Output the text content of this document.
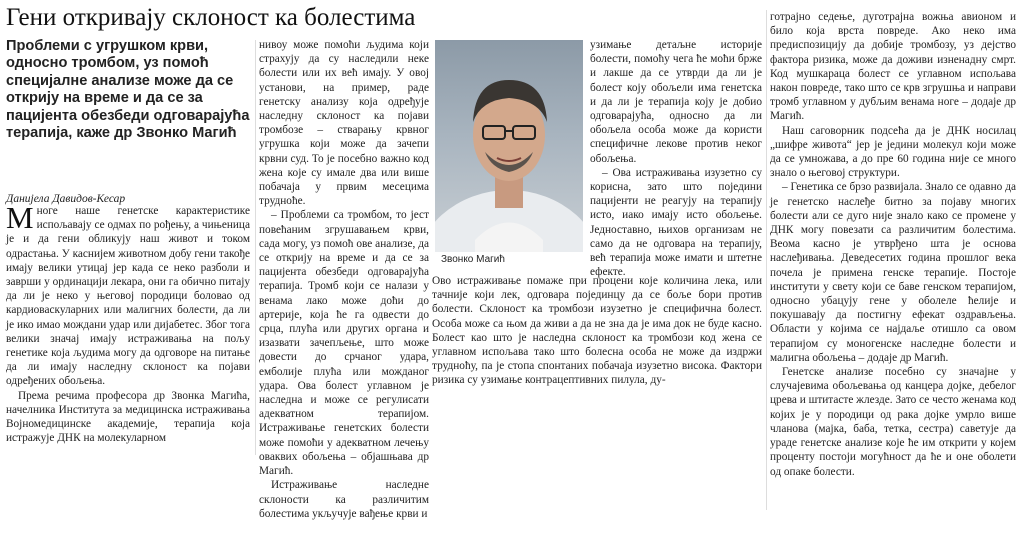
Гени откривају склоност ка болестима
Проблеми с угрушком крви, односно тромбом, уз помоћ специјалне анализе може да се открију на време и да се за пацијента обезбеди одговарајућа терапија, каже др Звонко Магић
Данијела Давидов-Кесар

Многе наше генетске карактеристике испољавају се одмах по рођењу, а чињеница је и да гени обликују наш живот и током одрастања. У каснијем животном добу гени такође имају велики утицај јер када се неко разболи и заврши у ординацији лекара, они га обично питају да ли је неко у његовој породици боловао од кардиоваскуларних или малигних болести, да ли је ико имао мождани удар или дијабетес. Због тога велики значај имају истраживања на пољу генетике која људима могу да одговоре на питање да ли имају наследну склоност ка појави одређених обољења.

Према речима професора др Звонка Магића, начелника Института за медицинска истраживања Војномедицинске академије, терапија која истражује ДНК на молекуларном

нивоу може помоћи људима који страхују да су наследили неке болести или их већ имају. У овој установи, на пример, раде генетску анализу која одређује наследну склоност ка појави тромбозе – стварању крвног угрушка који може да зачепи крвни суд. То је посебно важно код жена које су имале два или више побачаја у првим месецима трудноће.

– Проблеми са тромбом, то јест повећаним згрушавањем крви, сада могу, уз помоћ ове анализе, да се открију на време и да се за пацијента обезбеди одговарајућа терапија. Тромб који се налази у венама лако може доћи до артерије, која ће га одвести до срца, плућа или других органа и изазвати зачепљење, што може довести до срчаног удара, емболије плућа или можданог удара. Ова болест углавном је наследна и може се регулисати адекватном терапијом. Истраживање генетских болести може помоћи у адекватном лечењу оваквих обољења – објашњава др Магић.

Истраживање наследне склоности ка различитим болестима укључује вађење крви и

Звонко Магић

узимање детаљне историје болести, помоћу чега ће моћи брже и лакше да се утврди да ли је болест коју обољели има генетска и да ли је терапија коју је добио одговарајућа, односно да ли обољела особа може да користи специфичне лекове против неког обољења.

– Ова истраживања изузетно су корисна, зато што поједини пацијенти не реагују на терапију исто, иако имају исто обољење. Једноставно, њихов организам не само да не одговара на терапију, већ терапија може имати и штетне ефекте.

Ово истраживање помаже при процени које количина лека, или тачније који лек, одговара појединцу да се боље бори против болести. Склоност ка тромбози изузетно је специфична болест. Особа може са њом да живи а да не зна да је има док не буде касно. Болест као што је наследна склоност ка тромбози код жена се углавном испољава тако што болесна особа не може да издржи трудноћу, па је стопа спонтаних побачаја изузетно висока. Фактори ризика су узимање контрацептивних пилула, ду-

готрајно седење, дуготрајна вожња авионом и било која врста повреде. Ако неко има предиспозицију да добије тромбозу, уз дејство фактора ризика, може да доживи изненадну смрт. Код мушкараца болест се углавном испољава након повреде, тако што се крв згрушња и направи тромб углавном у дубљим венама ноге – додаје др Магић.

Наш саговорник подсећа да је ДНК носилац „шифре живота“ јер је једини молекул који може да се умножава, а до пре 60 година није се много знало о његовој структури.

– Генетика се брзо развијала. Знало се одавно да је генетско наслеђе битно за појаву многих болести али се дуго није знало како се промене у ДНК могу повезати са различитим болестима. Веома касно је утврђено шта је основа наслеђивања. Деведесетих година прошлог века почела је примена генске терапије. Постоје институти у свету који се баве генском терапијом, односно убацују гене у оболеле ћелије и покушавају да постигну ефекат оздрављења. Области у којима се најдаље отишло са овом терапијом су моногенске наследне болести и малигна обољења – додаје др Магић.

Генетске анализе посебно су значајне у случајевима обољевања од канцера дојке, дебелог црева и штитасте жлезде. Зато се често женама код којих је у породици од рака дојке умрло више чланова (мајка, баба, тетка, сестра) саветује да ураде генетске анализе које ће им открити у којем проценту постоји могућност да ће и оне оболети од опаке болести.
